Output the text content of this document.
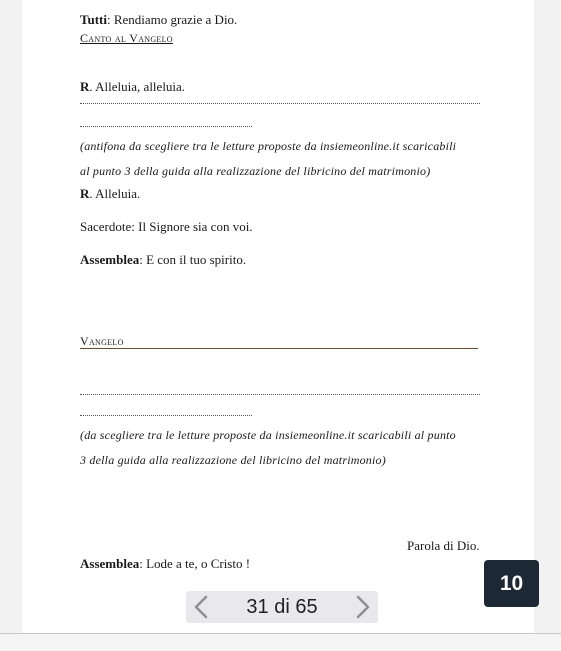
Tutti: Rendiamo grazie a Dio.
Canto al Vangelo
R. Alleluia, alleluia.
(antifona da scegliere tra le letture proposte da insiemeonline.it scaricabili
al punto 3 della guida alla realizzazione del libricino del matrimonio)
R. Alleluia.
Sacerdote: Il Signore sia con voi.
Assemblea: E con il tuo spirito.
Vangelo
(da scegliere tra le letture proposte da insiemeonline.it scaricabili al punto
3 della guida alla realizzazione del libricino del matrimonio)
Parola di Dio.
Assemblea: Lode a te, o Cristo !
10
31 di 65
